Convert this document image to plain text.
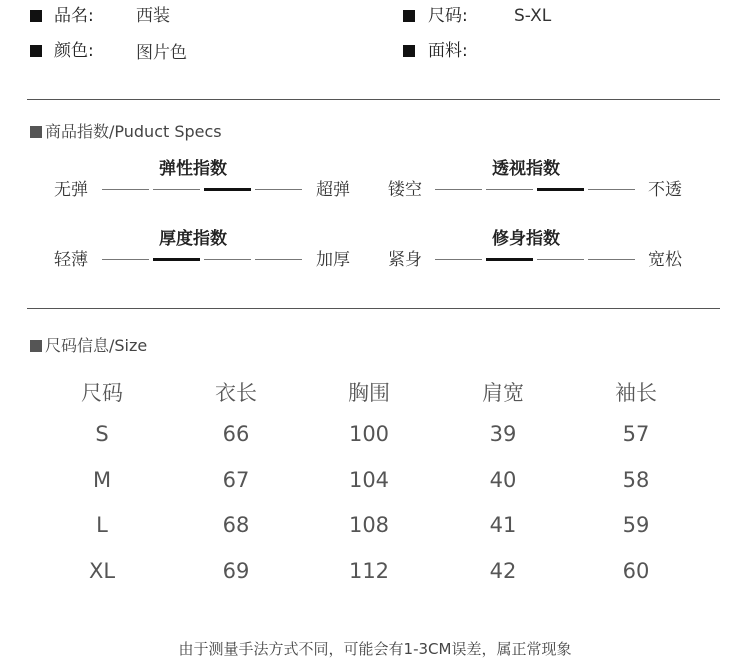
品名: 西装	尺码:	S-XL
颜色: 图片色	面料:
商品指数/Puduct Specs
无弹	超弹
弹性指数
镂空	不透
透视指数
轻薄	加厚
厚度指数
紧身	宽松
修身指数
尺码信息/Size
尺码	衣长	胸围	肩宽	袖长
S	66	100	39	57
M	67	104	40	58
L	68	108	41	59
XL	69	112	42	60
由于测量手法方式不同，可能会有1-3CM误差，属正常现象
